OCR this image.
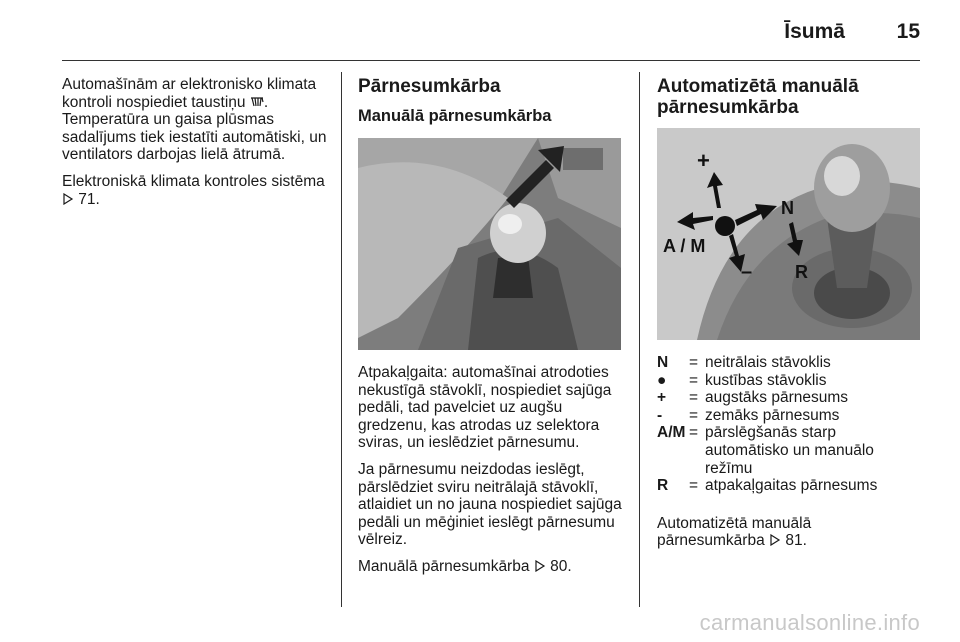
Īsumā 15

Automašīnām ar elektronisko klimata kontroli nospiediet taustiņu . Temperatūra un gaisa plūsmas sadalījums tiek iestatīti automātiski, un ventilators darbojas lielā ātrumā.

Elektroniskā klimata kontroles sistēma  71.

Pārnesumkārba
Manuālā pārnesumkārba

Atpakaļgaita: automašīnai atrodoties nekustīgā stāvoklī, nospiediet sajūga pedāli, tad pavelciet uz augšu gredzenu, kas atrodas uz selektora sviras, un ieslēdziet pārnesumu.

Ja pārnesumu neizdodas ieslēgt, pārslēdziet sviru neitrālajā stāvoklī, atlaidiet un no jauna nospiediet sajūga pedāli un mēģiniet ieslēgt pārnesumu vēlreiz.

Manuālā pārnesumkārba  80.

Automatizētā manuālā pārnesumkārba
+
N
A / M
– R
N	= neitrālais stāvoklis
●	= kustības stāvoklis
+	= augstāks pārnesums
-	= zemāks pārnesums
A/M = pārslēgšanās starp automātisko un manuālo režīmu
R	= atpakaļgaitas pārnesums

Automatizētā manuālā pārnesumkārba  81.

carmanualsonline.info
